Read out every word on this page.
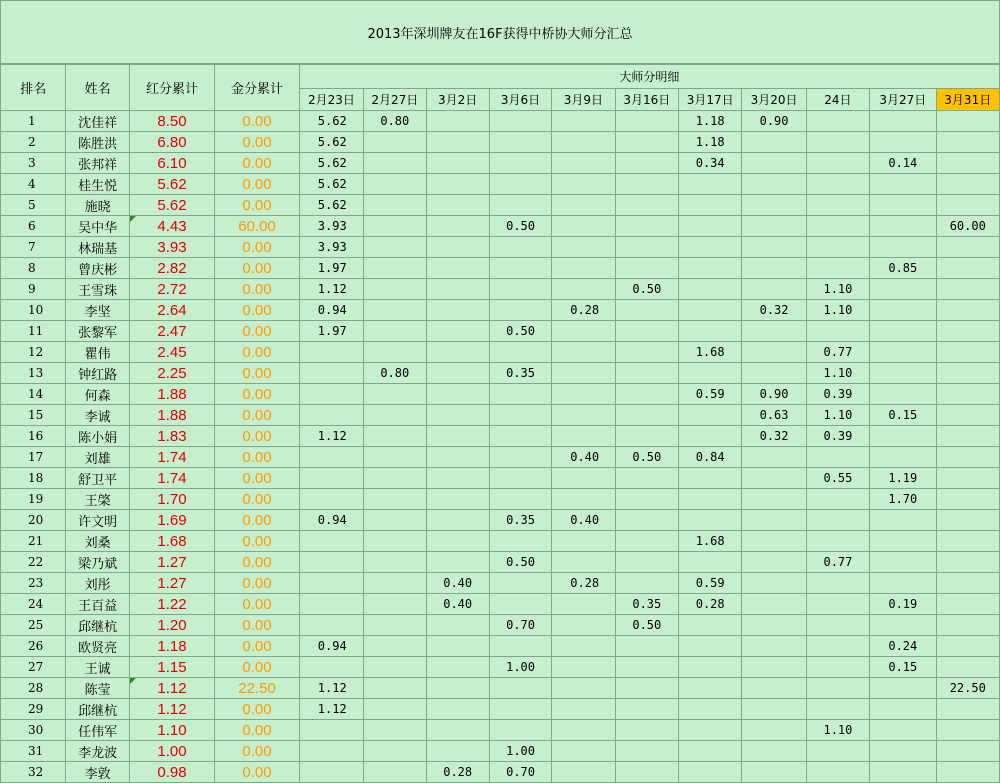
2013年深圳牌友在16F获得中桥协大师分汇总
排名	姓名	红分累计	金分累计	大师分明细										
				2月23日	2月27日	3月2日	3月6日	3月9日	3月16日	3月17日	3月20日	24日	3月27日	3月31日
1	沈佳祥	8.50	0.00	5.62	0.80					1.18	0.90			
2	陈胜洪	6.80	0.00	5.62						1.18				
3	张邦祥	6.10	0.00	5.62						0.34			0.14	
4	桂生悦	5.62	0.00	5.62										
5	施晓	5.62	0.00	5.62										
6	吴中华	4.43	60.00	3.93			0.50							60.00
7	林瑞基	3.93	0.00	3.93										
8	曾庆彬	2.82	0.00	1.97									0.85	
9	王雪珠	2.72	0.00	1.12					0.50			1.10		
10	李坚	2.64	0.00	0.94				0.28			0.32	1.10		
11	张黎军	2.47	0.00	1.97			0.50							
12	瞿伟	2.45	0.00							1.68		0.77		
13	钟红路	2.25	0.00		0.80		0.35					1.10		
14	何森	1.88	0.00							0.59	0.90	0.39		
15	李诚	1.88	0.00								0.63	1.10	0.15	
16	陈小娟	1.83	0.00	1.12							0.32	0.39		
17	刘雄	1.74	0.00					0.40	0.50	0.84				
18	舒卫平	1.74	0.00									0.55	1.19	
19	王棨	1.70	0.00										1.70	
20	许文明	1.69	0.00	0.94			0.35	0.40						
21	刘桑	1.68	0.00							1.68				
22	梁乃斌	1.27	0.00				0.50					0.77		
23	刘彤	1.27	0.00			0.40		0.28		0.59				
24	王百益	1.22	0.00			0.40			0.35	0.28			0.19	
25	邱继杭	1.20	0.00				0.70		0.50					
26	欧贤亮	1.18	0.00	0.94									0.24	
27	王诚	1.15	0.00				1.00						0.15	
28	陈莹	1.12	22.50	1.12										22.50
29	邱继杭	1.12	0.00	1.12										
30	任伟军	1.10	0.00									1.10		
31	李龙波	1.00	0.00				1.00							
32	李敦	0.98	0.00			0.28	0.70							
